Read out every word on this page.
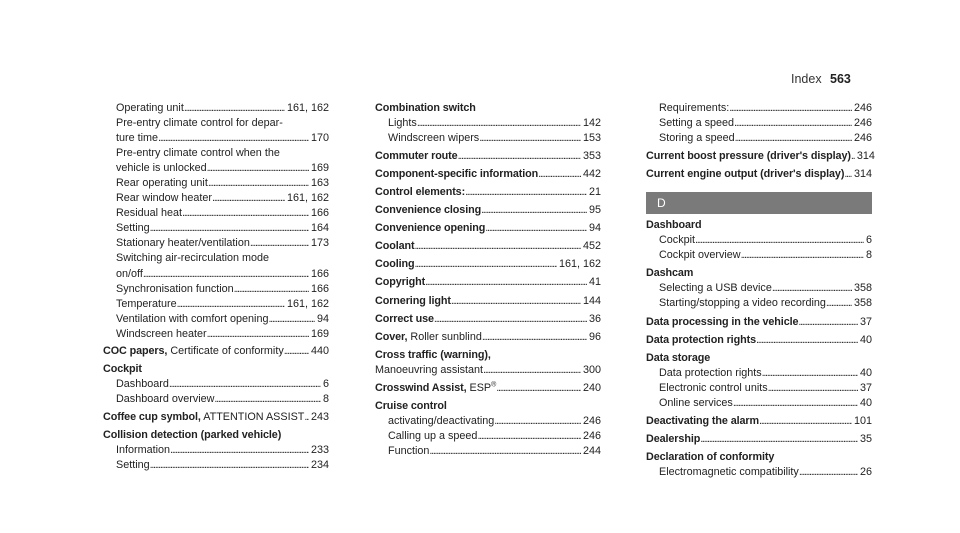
Index 563
Operating unit . . .	161, 162
Pre-entry climate control for depar-
ture time . . .	170
Pre-entry climate control when the
vehicle is unlocked . . .	169
Rear operating unit . . .	163
Rear window heater . . .	161, 162
Residual heat . . .	166
Setting . . .	164
Stationary heater/ventilation . . .	173
Switching air-recirculation mode
on/off . . .	166
Synchronisation function . . .	166
Temperature . . .	161, 162
Ventilation with comfort opening . . .	94
Windscreen heater . . .	169
COC papers, Certificate of conformity . . .	440
Cockpit
Dashboard . . .	6
Dashboard overview . . .	8
Coffee cup symbol, ATTENTION ASSIST . . . 243
Collision detection (parked vehicle)
Information . . .	233
Setting . . .	234
Combination switch
Lights . . .	142
Windscreen wipers . . .	153
Commuter route . . .	353
Component-specific information . . .	442
Control elements: . . .	21
Convenience closing . . .	95
Convenience opening . . .	94
Coolant . . .	452
Cooling . . .	161, 162
Copyright . . .	41
Cornering light . . .	144
Correct use . . .	36
Cover, Roller sunblind . . .	96
Cross traffic (warning),
Manoeuvring assistant . . .	300
Crosswind Assist, ESP® . . .	240
Cruise control
activating/deactivating . . .	246
Calling up a speed . . .	246
Function . . .	244
Requirements: . . .	246
Setting a speed . . .	246
Storing a speed . . .	246
Current boost pressure (driver's display) . . . 314
Current engine output (driver's display) . . . 314
D
Dashboard
Cockpit . . .	6
Cockpit overview . . .	8
Dashcam
Selecting a USB device . . .	358
Starting/stopping a video recording . . .	358
Data processing in the vehicle . . .	37
Data protection rights . . .	40
Data storage
Data protection rights . . .	40
Electronic control units . . .	37
Online services . . .	40
Deactivating the alarm . . .	101
Dealership . . .	35
Declaration of conformity
Electromagnetic compatibility . . .	26
